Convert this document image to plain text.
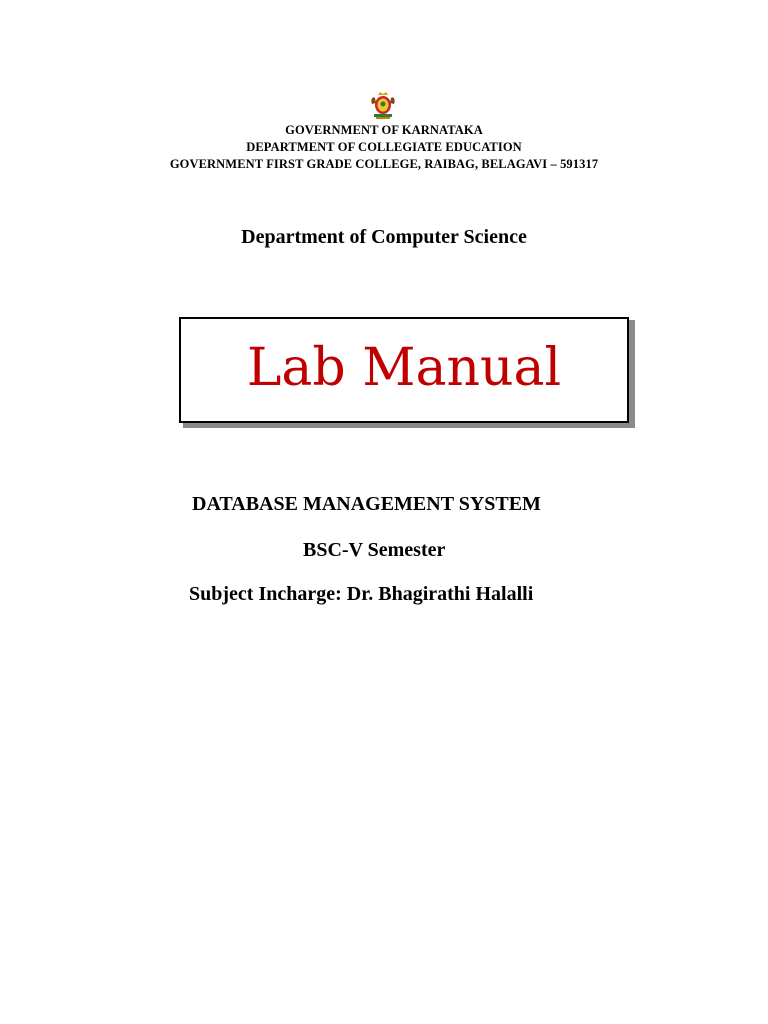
GOVERNMENT OF KARNATAKA
DEPARTMENT OF COLLEGIATE EDUCATION
GOVERNMENT FIRST GRADE COLLEGE, RAIBAG, BELAGAVI – 591317
Department of Computer Science
Lab Manual
DATABASE MANAGEMENT SYSTEM
BSC-V Semester
Subject Incharge: Dr. Bhagirathi Halalli
